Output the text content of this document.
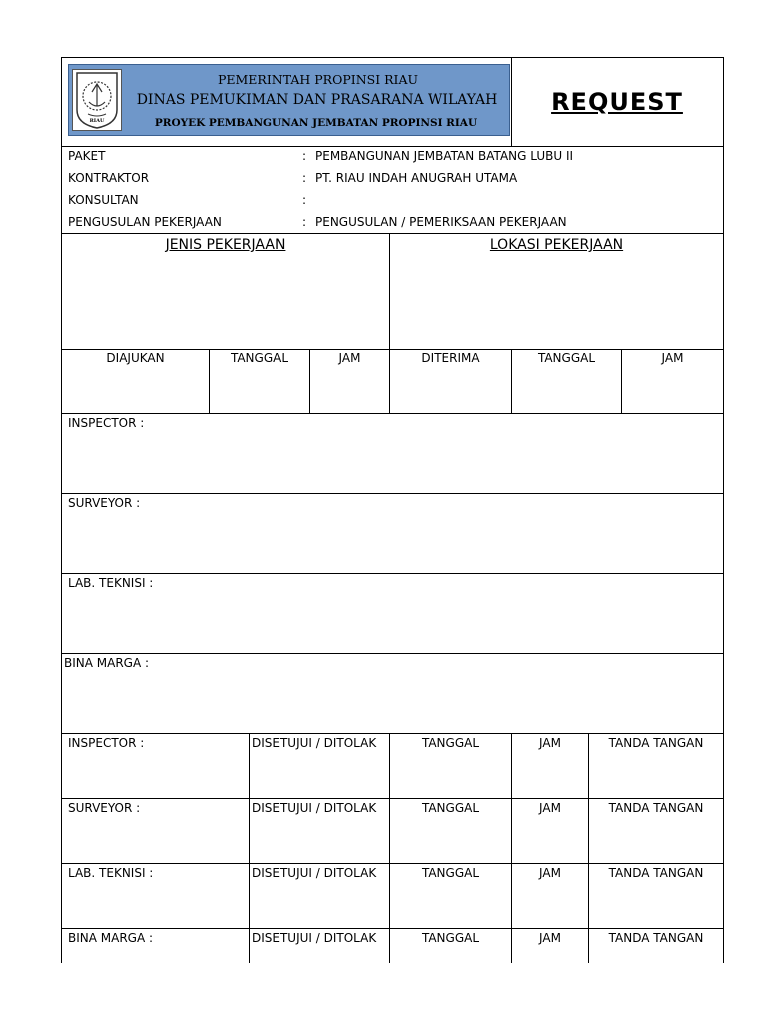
RIAU
PEMERINTAH PROPINSI RIAU
DINAS PEMUKIMAN DAN PRASARANA WILAYAH
PROYEK PEMBANGUNAN JEMBATAN PROPINSI RIAU
REQUEST
PAKET	: PEMBANGUNAN JEMBATAN BATANG LUBU II
KONTRAKTOR	: PT. RIAU INDAH ANUGRAH UTAMA
KONSULTAN	:
PENGUSULAN PEKERJAAN	: PENGUSULAN / PEMERIKSAAN PEKERJAAN
JENIS PEKERJAAN	LOKASI PEKERJAAN
DIAJUKAN	TANGGAL	JAM	DITERIMA	TANGGAL	JAM
INSPECTOR :
SURVEYOR :
LAB. TEKNISI :
BINA MARGA :
INSPECTOR :	DISETUJUI / DITOLAK	TANGGAL	JAM	TANDA TANGAN
SURVEYOR :	DISETUJUI / DITOLAK	TANGGAL	JAM	TANDA TANGAN
LAB. TEKNISI :	DISETUJUI / DITOLAK	TANGGAL	JAM	TANDA TANGAN
BINA MARGA :	DISETUJUI / DITOLAK	TANGGAL	JAM	TANDA TANGAN
